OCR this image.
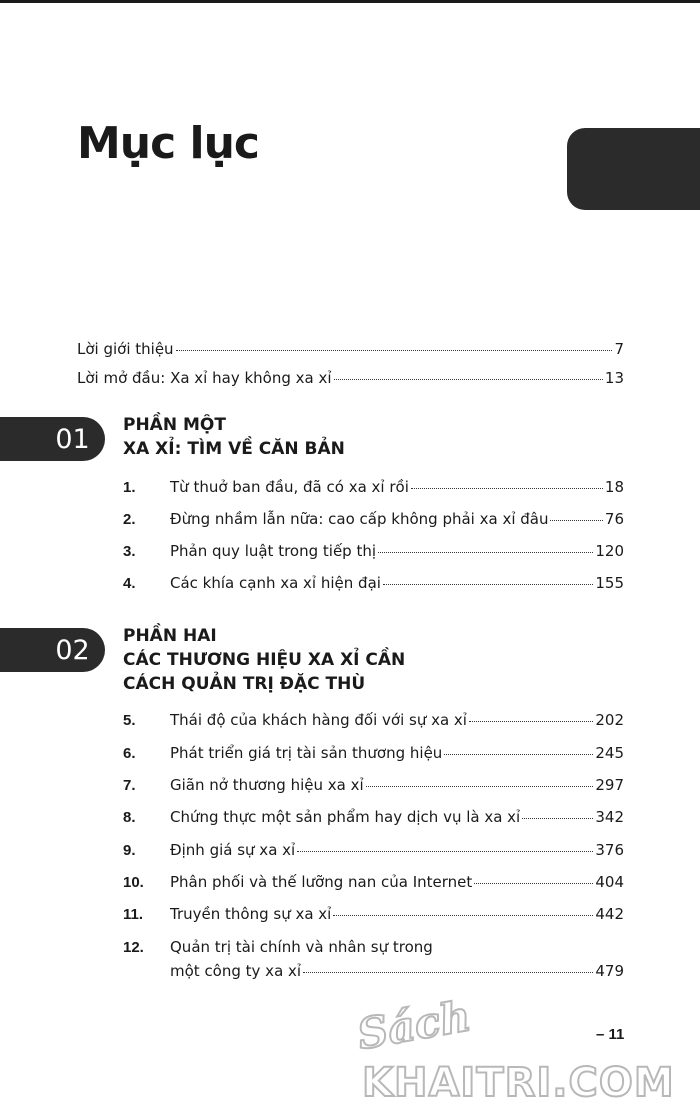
Mục lục
Lời giới thiệu	7
Lời mở đầu: Xa xỉ hay không xa xỉ	13
01	PHẦN MỘT
XA XỈ: TÌM VỀ CĂN BẢN
1.	Từ thuở ban đầu, đã có xa xỉ rồi	18
2.	Đừng nhầm lẫn nữa: cao cấp không phải xa xỉ đâu	76
3.	Phản quy luật trong tiếp thị	120
4.	Các khía cạnh xa xỉ hiện đại	155
02	PHẦN HAI
CÁC THƯƠNG HIỆU XA XỈ CẦN
CÁCH QUẢN TRỊ ĐẶC THÙ
5.	Thái độ của khách hàng đối với sự xa xỉ	202
6.	Phát triển giá trị tài sản thương hiệu	245
7.	Giãn nở thương hiệu xa xỉ	297
8.	Chứng thực một sản phẩm hay dịch vụ là xa xỉ	342
9.	Định giá sự xa xỉ	376
10.	Phân phối và thế lưỡng nan của Internet	404
11.	Truyền thông sự xa xỉ	442
12.	Quản trị tài chính và nhân sự trong
một công ty xa xỉ	479
– 11
Sách
KHAITRI.COM
